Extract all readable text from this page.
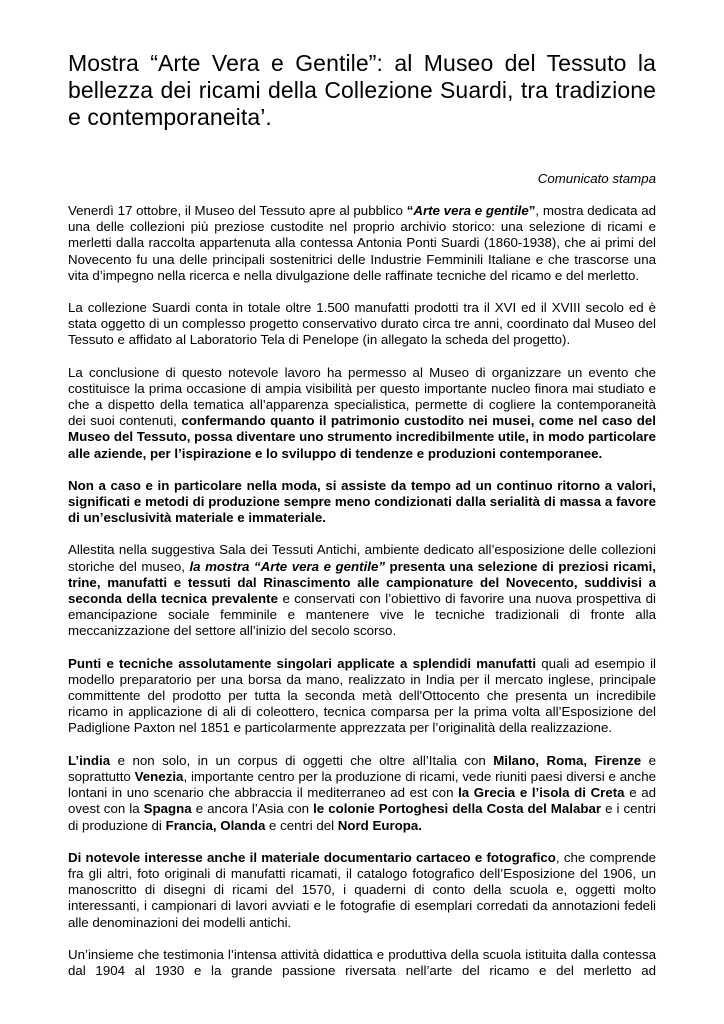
Mostra “Arte Vera e Gentile”: al Museo del Tessuto la bellezza dei ricami della Collezione Suardi, tra tradizione e contemporaneita’.

Comunicato stampa

Venerdì 17 ottobre, il Museo del Tessuto apre al pubblico “Arte vera e gentile”, mostra dedicata ad una delle collezioni più preziose custodite nel proprio archivio storico: una selezione di ricami e merletti dalla raccolta appartenuta alla contessa Antonia Ponti Suardi (1860-1938), che ai primi del Novecento fu una delle principali sostenitrici delle Industrie Femminili Italiane e che trascorse una vita d’impegno nella ricerca e nella divulgazione delle raffinate tecniche del ricamo e del merletto.

La collezione Suardi conta in totale oltre 1.500 manufatti prodotti tra il XVI ed il XVIII secolo ed è stata oggetto di un complesso progetto conservativo durato circa tre anni, coordinato dal Museo del Tessuto e affidato al Laboratorio Tela di Penelope (in allegato la scheda del progetto).

La conclusione di questo notevole lavoro ha permesso al Museo di organizzare un evento che costituisce la prima occasione di ampia visibilità per questo importante nucleo finora mai studiato e che a dispetto della tematica all’apparenza specialistica, permette di cogliere la contemporaneità dei suoi contenuti, confermando quanto il patrimonio custodito nei musei, come nel caso del Museo del Tessuto, possa diventare uno strumento incredibilmente utile, in modo particolare alle aziende, per l’ispirazione e lo sviluppo di tendenze e produzioni contemporanee.

Non a caso e in particolare nella moda, si assiste da tempo ad un continuo ritorno a valori, significati e metodi di produzione sempre meno condizionati dalla serialità di massa a favore di un’esclusività materiale e immateriale.

Allestita nella suggestiva Sala dei Tessuti Antichi, ambiente dedicato all’esposizione delle collezioni storiche del museo, la mostra “Arte vera e gentile” presenta una selezione di preziosi ricami, trine, manufatti e tessuti dal Rinascimento alle campionature del Novecento, suddivisi a seconda della tecnica prevalente e conservati con l’obiettivo di favorire una nuova prospettiva di emancipazione sociale femminile e mantenere vive le tecniche tradizionali di fronte alla meccanizzazione del settore all’inizio del secolo scorso.

Punti e tecniche assolutamente singolari applicate a splendidi manufatti quali ad esempio il modello preparatorio per una borsa da mano, realizzato in India per il mercato inglese, principale committente del prodotto per tutta la seconda metà dell'Ottocento che presenta un incredibile ricamo in applicazione di ali di coleottero, tecnica comparsa per la prima volta all’Esposizione del Padiglione Paxton nel 1851 e particolarmente apprezzata per l’originalità della realizzazione.

L’india e non solo, in un corpus di oggetti che oltre all’Italia con Milano, Roma, Firenze e soprattutto Venezia, importante centro per la produzione di ricami, vede riuniti paesi diversi e anche lontani in uno scenario che abbraccia il mediterraneo ad est con la Grecia e l’isola di Creta e ad ovest con la Spagna e ancora l’Asia con le colonie Portoghesi della Costa del Malabar e i centri di produzione di Francia, Olanda e centri del Nord Europa.

Di notevole interesse anche il materiale documentario cartaceo e fotografico, che comprende fra gli altri, foto originali di manufatti ricamati, il catalogo fotografico dell’Esposizione del 1906, un manoscritto di disegni di ricami del 1570, i quaderni di conto della scuola e, oggetti molto interessanti, i campionari di lavori avviati e le fotografie di esemplari corredati da annotazioni fedeli alle denominazioni dei modelli antichi.

Un’insieme che testimonia l’intensa attività didattica e produttiva della scuola istituita dalla contessa dal 1904 al 1930 e la grande passione riversata nell’arte del ricamo e del merletto ad
